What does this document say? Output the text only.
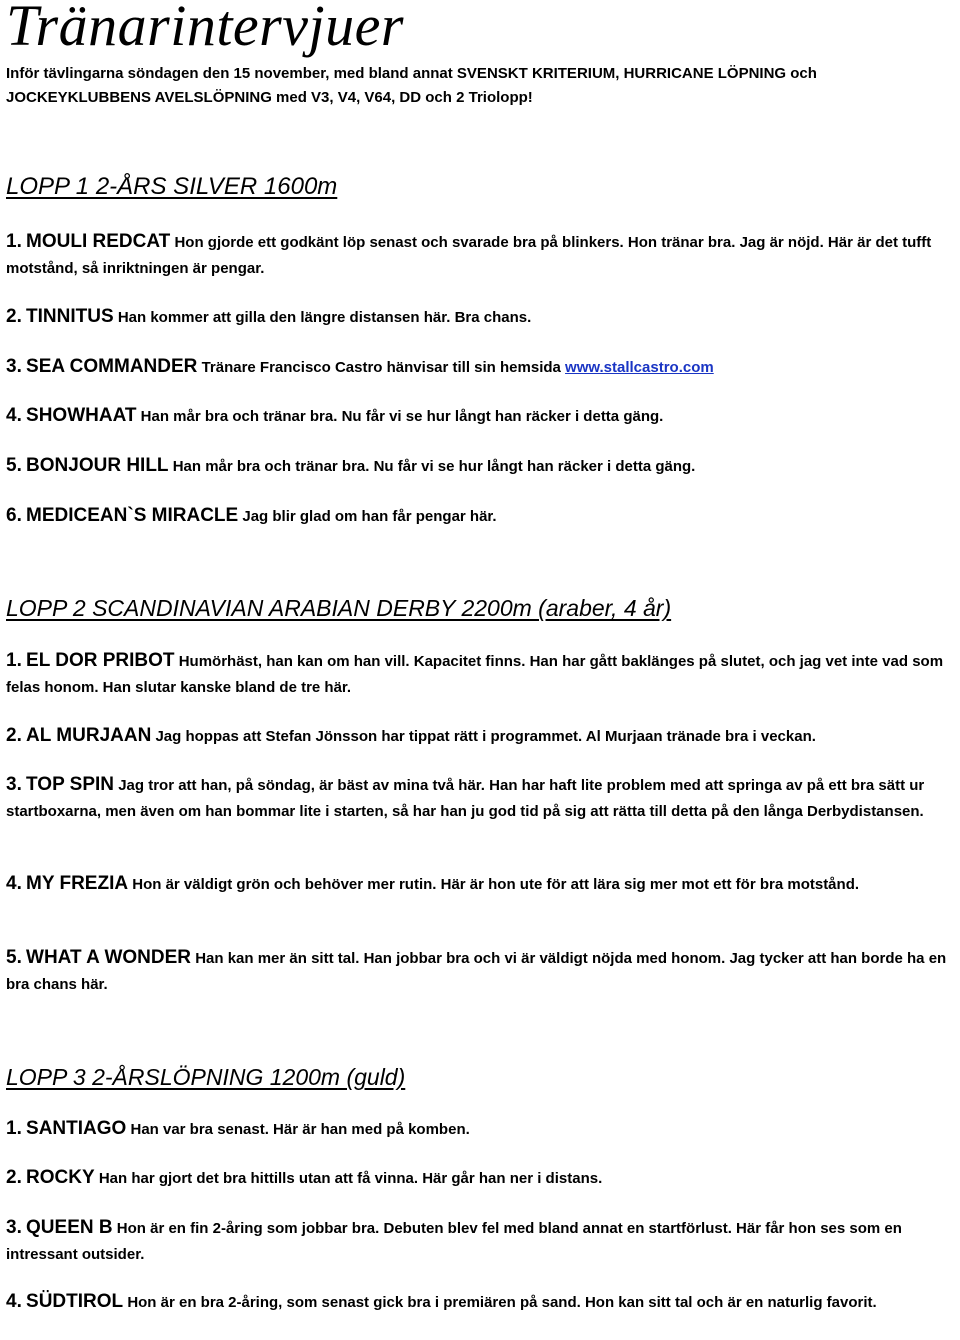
Tränarintervjuer

Inför tävlingarna söndagen den 15 november, med bland annat SVENSKT KRITERIUM, HURRICANE LÖPNING och JOCKEYKLUBBENS AVELSLÖPNING med V3, V4, V64, DD och 2 Triolopp!

LOPP 1 2-ÅRS SILVER 1600m

1. MOULI REDCAT Hon gjorde ett godkänt löp senast och svarade bra på blinkers. Hon tränar bra. Jag är nöjd. Här är det tufft motstånd, så inriktningen är pengar.

2. TINNITUS Han kommer att gilla den längre distansen här. Bra chans.

3. SEA COMMANDER Tränare Francisco Castro hänvisar till sin hemsida www.stallcastro.com

4. SHOWHAAT Han mår bra och tränar bra. Nu får vi se hur långt han räcker i detta gäng.

5. BONJOUR HILL Han mår bra och tränar bra. Nu får vi se hur långt han räcker i detta gäng.

6. MEDICEAN`S MIRACLE Jag blir glad om han får pengar här.

LOPP 2 SCANDINAVIAN ARABIAN DERBY 2200m (araber, 4 år)

1. EL DOR PRIBOT Humörhäst, han kan om han vill. Kapacitet finns. Han har gått baklänges på slutet, och jag vet inte vad som felas honom. Han slutar kanske bland de tre här.

2. AL MURJAAN Jag hoppas att Stefan Jönsson har tippat rätt i programmet. Al Murjaan tränade bra i veckan.

3. TOP SPIN Jag tror att han, på söndag, är bäst av mina två här. Han har haft lite problem med att springa av på ett bra sätt ur startboxarna, men även om han bommar lite i starten, så har han ju god tid på sig att rätta till detta på den långa Derbydistansen.

4. MY FREZIA Hon är väldigt grön och behöver mer rutin. Här är hon ute för att lära sig mer mot ett för bra motstånd.

5. WHAT A WONDER Han kan mer än sitt tal. Han jobbar bra och vi är väldigt nöjda med honom. Jag tycker att han borde ha en bra chans här.

LOPP 3 2-ÅRSLÖPNING 1200m (guld)

1. SANTIAGO Han var bra senast. Här är han med på komben.

2. ROCKY Han har gjort det bra hittills utan att få vinna. Här går han ner i distans.

3. QUEEN B Hon är en fin 2-åring som jobbar bra. Debuten blev fel med bland annat en startförlust. Här får hon ses som en intressant outsider.

4. SÜDTIROL Hon är en bra 2-åring, som senast gick bra i premiären på sand. Hon kan sitt tal och är en naturlig favorit.
